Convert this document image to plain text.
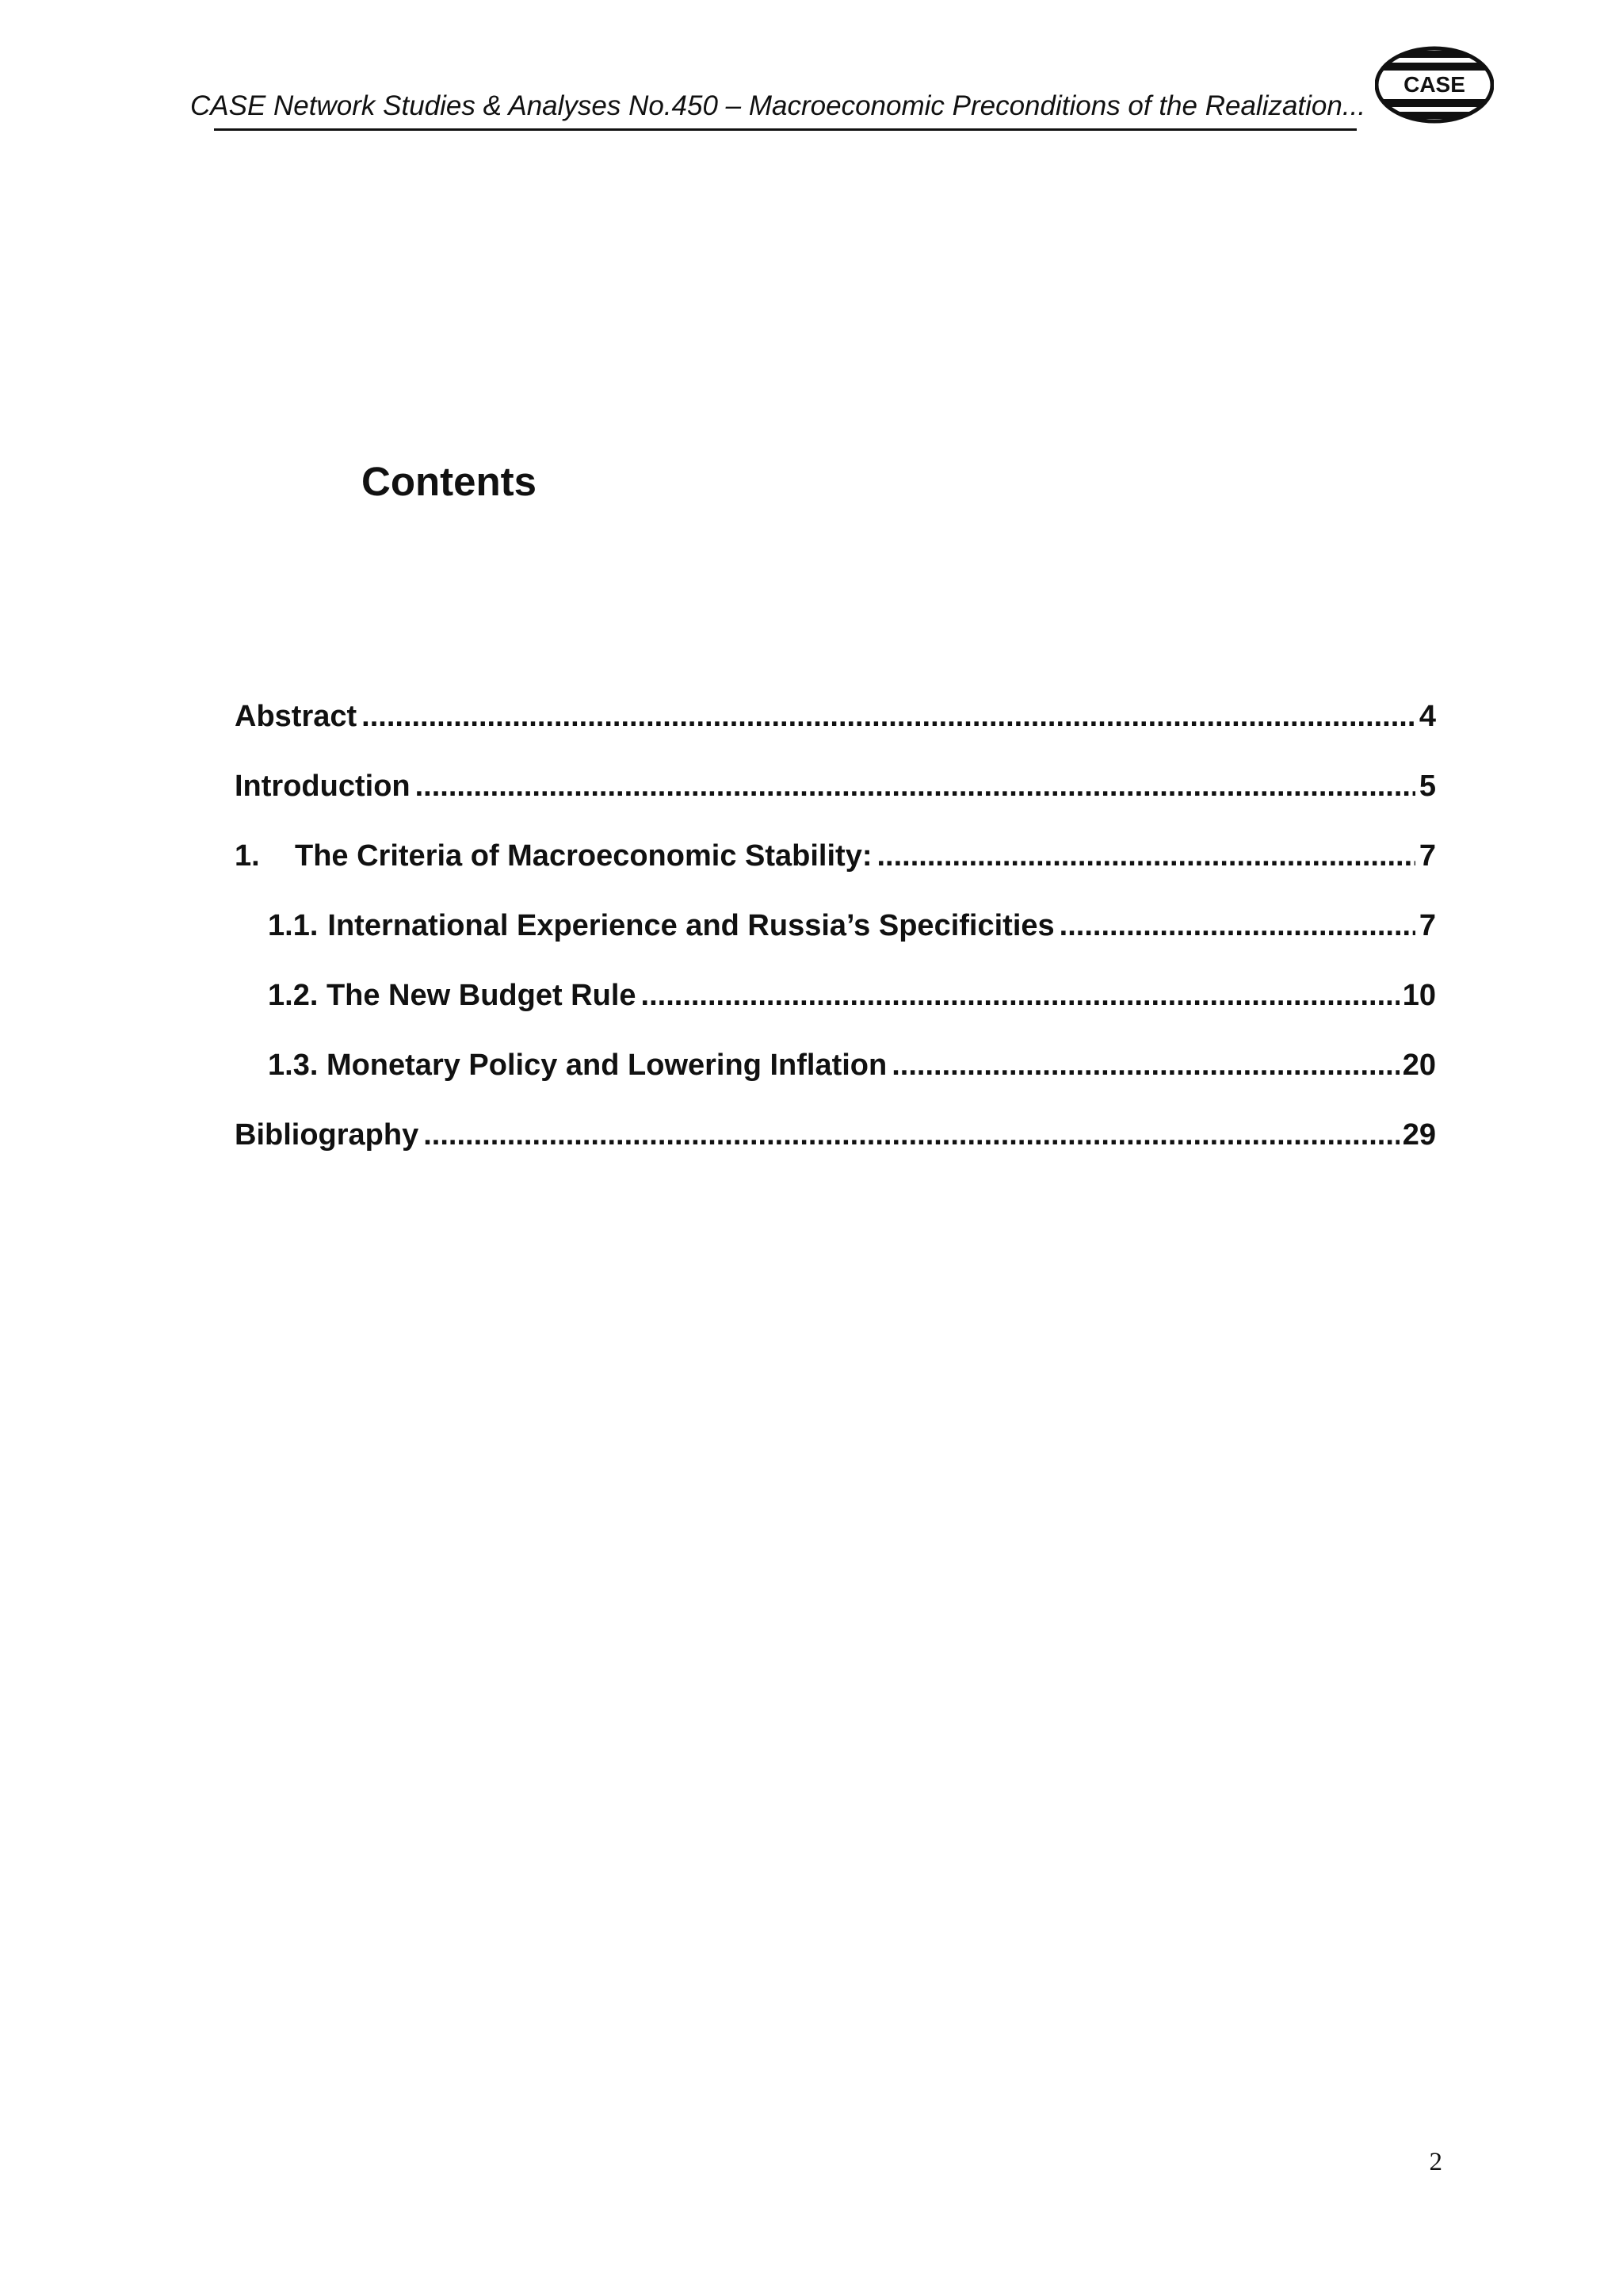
CASE Network Studies & Analyses No.450 – Macroeconomic Preconditions of the Realization...
CASE
Contents
Abstract .....	4
Introduction .....	5
1.	The Criteria of Macroeconomic Stability: .....	7
1.1. International Experience and Russia’s Specificities .....	7
1.2. The New Budget Rule .....	10
1.3. Monetary Policy and Lowering Inflation .....	20
Bibliography .....	29
2
